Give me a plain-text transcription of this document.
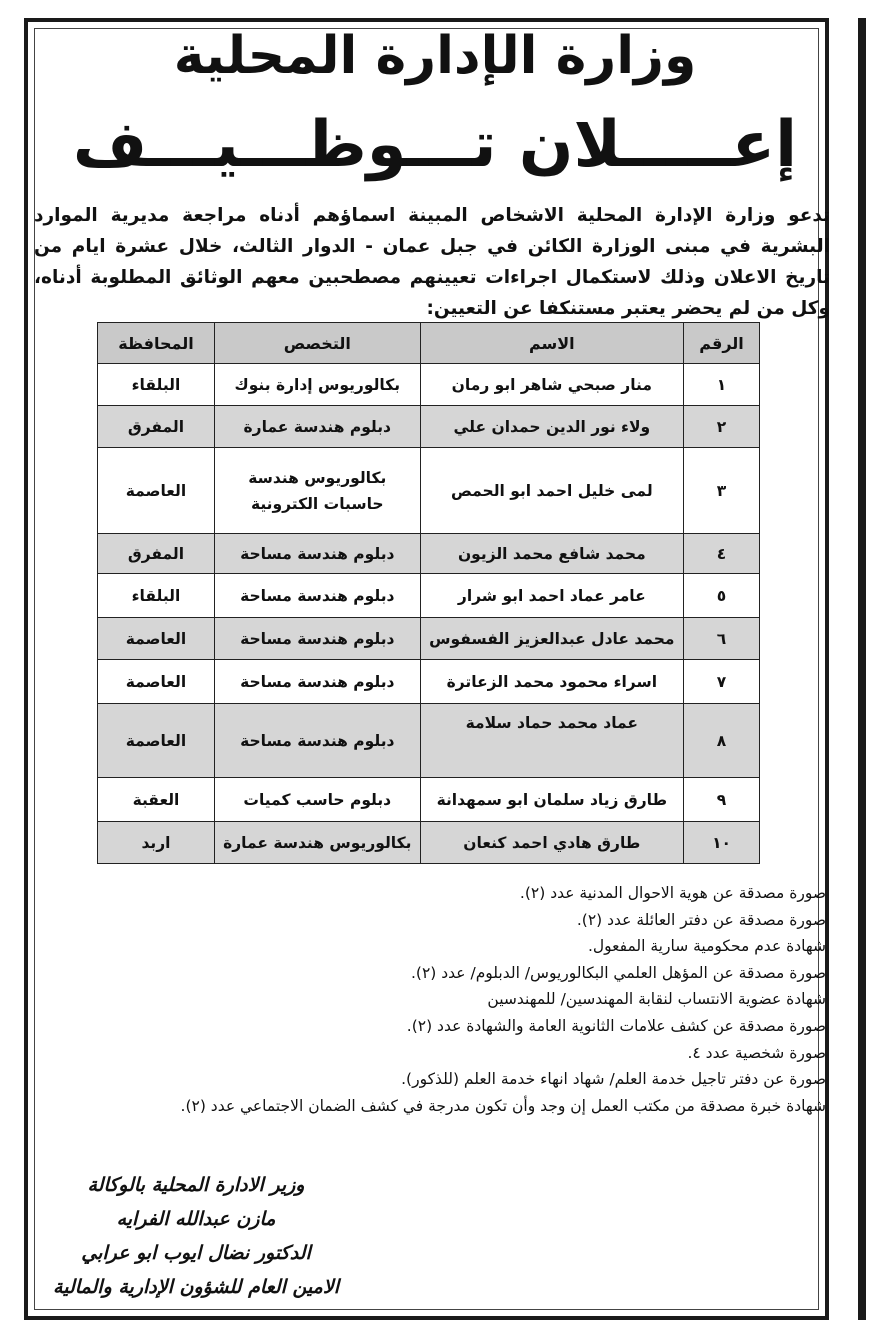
وزارة الإدارة المحلية
إعـــــلان تـــوظـــيـــف

تدعو وزارة الإدارة المحلية الاشخاص المبينة اسماؤهم أدناه مراجعة مديرية الموارد البشرية في مبنى الوزارة الكائن في جبل عمان - الدوار الثالث، خلال عشرة ايام من تاريخ الاعلان وذلك لاستكمال اجراءات تعيينهم مصطحبين معهم الوثائق المطلوبة أدناه، وكل من لم يحضر يعتبر مستنكفا عن التعيين:

الرقم	الاسم	التخصص	المحافظة
١	منار صبحي شاهر ابو رمان	بكالوريوس إدارة بنوك	البلقاء
٢	ولاء نور الدين حمدان علي	دبلوم هندسة عمارة	المفرق
٣	لمى خليل احمد ابو الحمص	بكالوريوس هندسة حاسبات الكترونية	العاصمة
٤	محمد شافع محمد الزيون	دبلوم هندسة مساحة	المفرق
٥	عامر عماد احمد ابو شرار	دبلوم هندسة مساحة	البلقاء
٦	محمد عادل عبدالعزيز الفسفوس	دبلوم هندسة مساحة	العاصمة
٧	اسراء محمود محمد الزعاترة	دبلوم هندسة مساحة	العاصمة
٨	عماد محمد حماد سلامة	دبلوم هندسة مساحة	العاصمة
٩	طارق زياد سلمان ابو سمهدانة	دبلوم حاسب كميات	العقبة
١٠	طارق هادي احمد كنعان	بكالوريوس هندسة عمارة	اربد
صورة مصدقة عن هوية الاحوال المدنية عدد (٢).
صورة مصدقة عن دفتر العائلة عدد (٢).
شهادة عدم محكومية سارية المفعول.
صورة مصدقة عن المؤهل العلمي البكالوريوس/ الدبلوم/ عدد (٢).
شهادة عضوية الانتساب لنقابة المهندسين/ للمهندسين
صورة مصدقة عن كشف علامات الثانوية العامة والشهادة عدد (٢).
صورة شخصية عدد ٤.
صورة عن دفتر تاجيل خدمة العلم/ شهاد انهاء خدمة العلم (للذكور).
شهادة خبرة مصدقة من مكتب العمل إن وجد وأن تكون مدرجة في كشف الضمان الاجتماعي عدد (٢).
وزير الادارة المحلية بالوكالة
مازن عبدالله الفرايه
الدكتور نضال ايوب ابو عرابي
الامين العام للشؤون الإدارية والمالية
